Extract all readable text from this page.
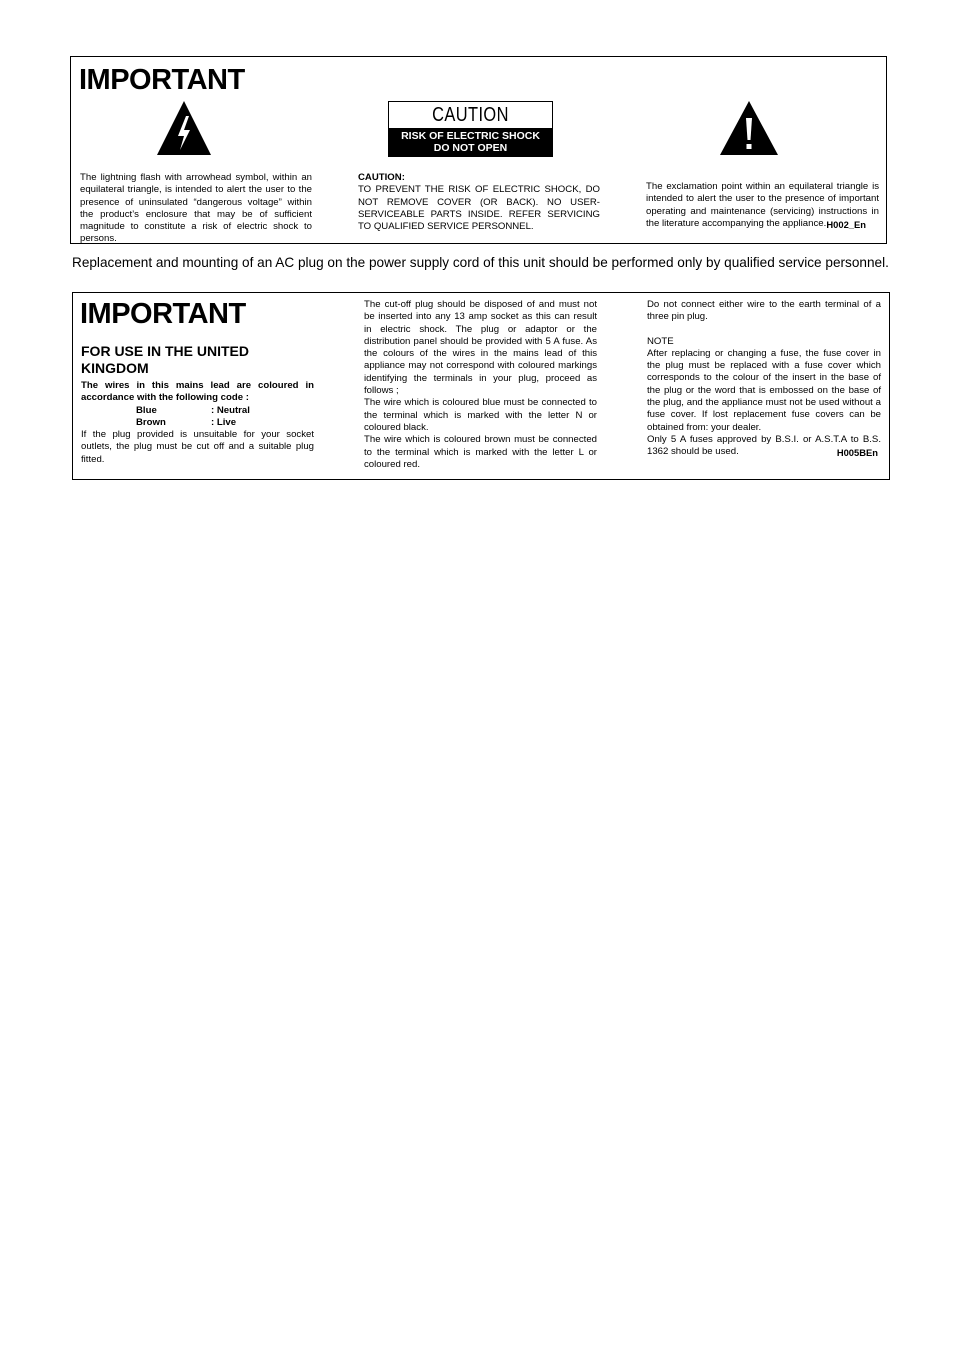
IMPORTANT
CAUTION
RISK OF ELECTRIC SHOCK
DO NOT OPEN
The lightning flash with arrowhead symbol, within an equilateral triangle, is intended to alert the user to the presence of uninsulated “dangerous voltage” within the product’s enclosure that may be of sufficient magnitude to constitute a risk of electric shock to persons.

CAUTION:

TO PREVENT THE RISK OF ELECTRIC SHOCK, DO NOT REMOVE COVER (OR BACK). NO USER-SERVICEABLE PARTS INSIDE. REFER SERVICING TO QUALIFIED SERVICE PERSONNEL.

The exclamation point within an equilateral triangle is intended to alert the user to the presence of important operating and maintenance (servicing) instructions in the literature accompanying the appliance. H002_En
Replacement and mounting of an AC plug on the power supply cord of this unit should be performed only by qualified service personnel.
IMPORTANT
FOR USE IN THE UNITED KINGDOM

The wires in this mains lead are coloured in accordance with the following code :

Blue	: Neutral
Brown	: Live

If the plug provided is unsuitable for your socket outlets, the plug must be cut off and a suitable plug fitted.

The cut-off plug should be disposed of and must not be inserted into any 13 amp socket as this can result in electric shock. The plug or adaptor or the distribution panel should be provided with 5 A fuse. As the colours of the wires in the mains lead of this appliance may not correspond with coloured markings identifying the terminals in your plug, proceed as follows ;

The wire which is coloured blue must be connected to the terminal which is marked with the letter N or coloured black.

The wire which is coloured brown must be connected to the terminal which is marked with the letter L or coloured red.

Do not connect either wire to the earth terminal of a three pin plug.

NOTE

After replacing or changing a fuse, the fuse cover in the plug must be replaced with a fuse cover which corresponds to the colour of the insert in the base of the plug or the word that is embossed on the base of the plug, and the appliance must not be used without a fuse cover. If lost replacement fuse covers can be obtained from: your dealer.

Only 5 A fuses approved by B.S.I. or A.S.T.A to B.S. 1362 should be used.	H005BEn
